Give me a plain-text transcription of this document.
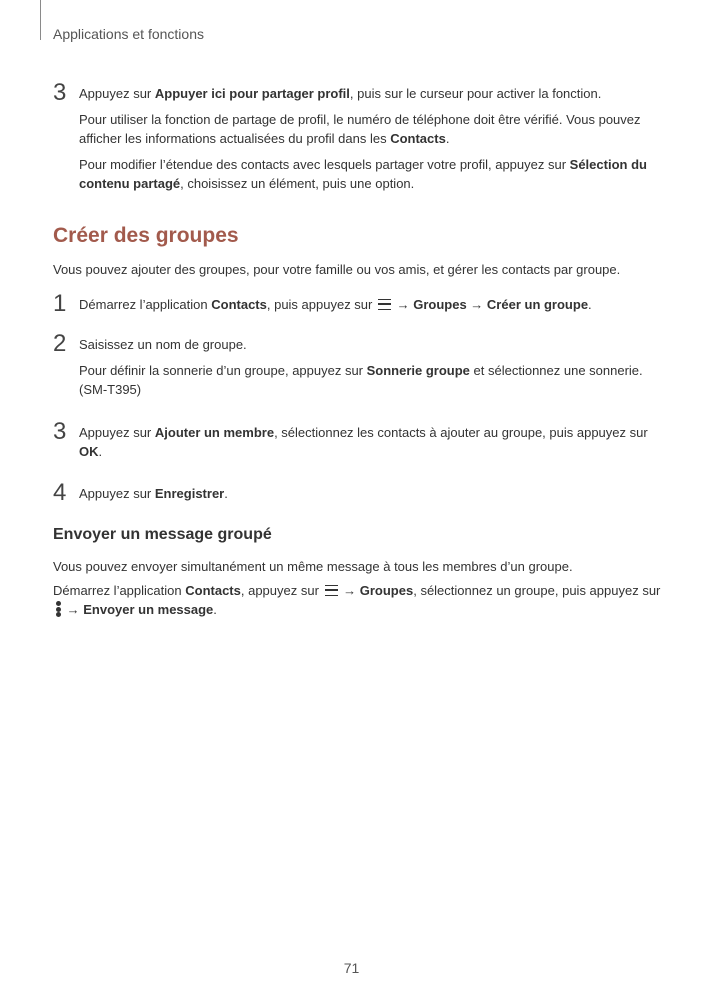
Applications et fonctions
3 Appuyez sur Appuyer ici pour partager profil, puis sur le curseur pour activer la fonction.

Pour utiliser la fonction de partage de profil, le numéro de téléphone doit être vérifié. Vous pouvez afficher les informations actualisées du profil dans les Contacts.

Pour modifier l’étendue des contacts avec lesquels partager votre profil, appuyez sur Sélection du contenu partagé, choisissez un élément, puis une option.

Créer des groupes

Vous pouvez ajouter des groupes, pour votre famille ou vos amis, et gérer les contacts par groupe.

1 Démarrez l’application Contacts, puis appuyez sur  → Groupes → Créer un groupe.

2 Saisissez un nom de groupe.

Pour définir la sonnerie d’un groupe, appuyez sur Sonnerie groupe et sélectionnez une sonnerie. (SM-T395)

3 Appuyez sur Ajouter un membre, sélectionnez les contacts à ajouter au groupe, puis appuyez sur OK.

4 Appuyez sur Enregistrer.

Envoyer un message groupé

Vous pouvez envoyer simultanément un même message à tous les membres d’un groupe.

Démarrez l’application Contacts, appuyez sur  → Groupes, sélectionnez un groupe, puis appuyez sur
→ Envoyer un message.

71
